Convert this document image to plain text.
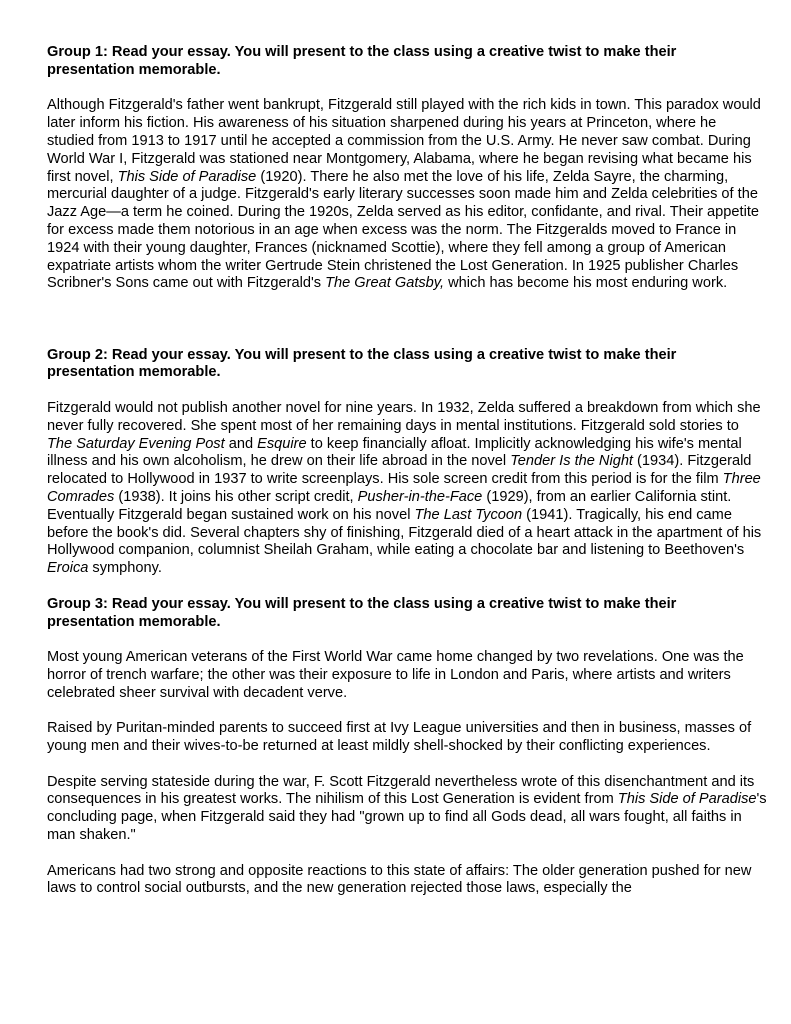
Group 1: Read your essay. You will present to the class using a creative twist to make their presentation memorable.

Although Fitzgerald's father went bankrupt, Fitzgerald still played with the rich kids in town. This paradox would later inform his fiction. His awareness of his situation sharpened during his years at Princeton, where he studied from 1913 to 1917 until he accepted a commission from the U.S. Army. He never saw combat. During World War I, Fitzgerald was stationed near Montgomery, Alabama, where he began revising what became his first novel, This Side of Paradise (1920). There he also met the love of his life, Zelda Sayre, the charming, mercurial daughter of a judge. Fitzgerald's early literary successes soon made him and Zelda celebrities of the Jazz Age—a term he coined. During the 1920s, Zelda served as his editor, confidante, and rival. Their appetite for excess made them notorious in an age when excess was the norm. The Fitzgeralds moved to France in 1924 with their young daughter, Frances (nicknamed Scottie), where they fell among a group of American expatriate artists whom the writer Gertrude Stein christened the Lost Generation. In 1925 publisher Charles Scribner's Sons came out with Fitzgerald's The Great Gatsby, which has become his most enduring work.

Group 2: Read your essay. You will present to the class using a creative twist to make their presentation memorable.

Fitzgerald would not publish another novel for nine years. In 1932, Zelda suffered a breakdown from which she never fully recovered. She spent most of her remaining days in mental institutions. Fitzgerald sold stories to The Saturday Evening Post and Esquire to keep financially afloat. Implicitly acknowledging his wife's mental illness and his own alcoholism, he drew on their life abroad in the novel Tender Is the Night (1934). Fitzgerald relocated to Hollywood in 1937 to write screenplays. His sole screen credit from this period is for the film Three Comrades (1938). It joins his other script credit, Pusher-in-the-Face (1929), from an earlier California stint. Eventually Fitzgerald began sustained work on his novel The Last Tycoon (1941). Tragically, his end came before the book's did. Several chapters shy of finishing, Fitzgerald died of a heart attack in the apartment of his Hollywood companion, columnist Sheilah Graham, while eating a chocolate bar and listening to Beethoven's Eroica symphony.

Group 3: Read your essay. You will present to the class using a creative twist to make their presentation memorable.

Most young American veterans of the First World War came home changed by two revelations. One was the horror of trench warfare; the other was their exposure to life in London and Paris, where artists and writers celebrated sheer survival with decadent verve.

Raised by Puritan-minded parents to succeed first at Ivy League universities and then in business, masses of young men and their wives-to-be returned at least mildly shell-shocked by their conflicting experiences.

Despite serving stateside during the war, F. Scott Fitzgerald nevertheless wrote of this disenchantment and its consequences in his greatest works. The nihilism of this Lost Generation is evident from This Side of Paradise's concluding page, when Fitzgerald said they had "grown up to find all Gods dead, all wars fought, all faiths in man shaken."

Americans had two strong and opposite reactions to this state of affairs: The older generation pushed for new laws to control social outbursts, and the new generation rejected those laws, especially the
